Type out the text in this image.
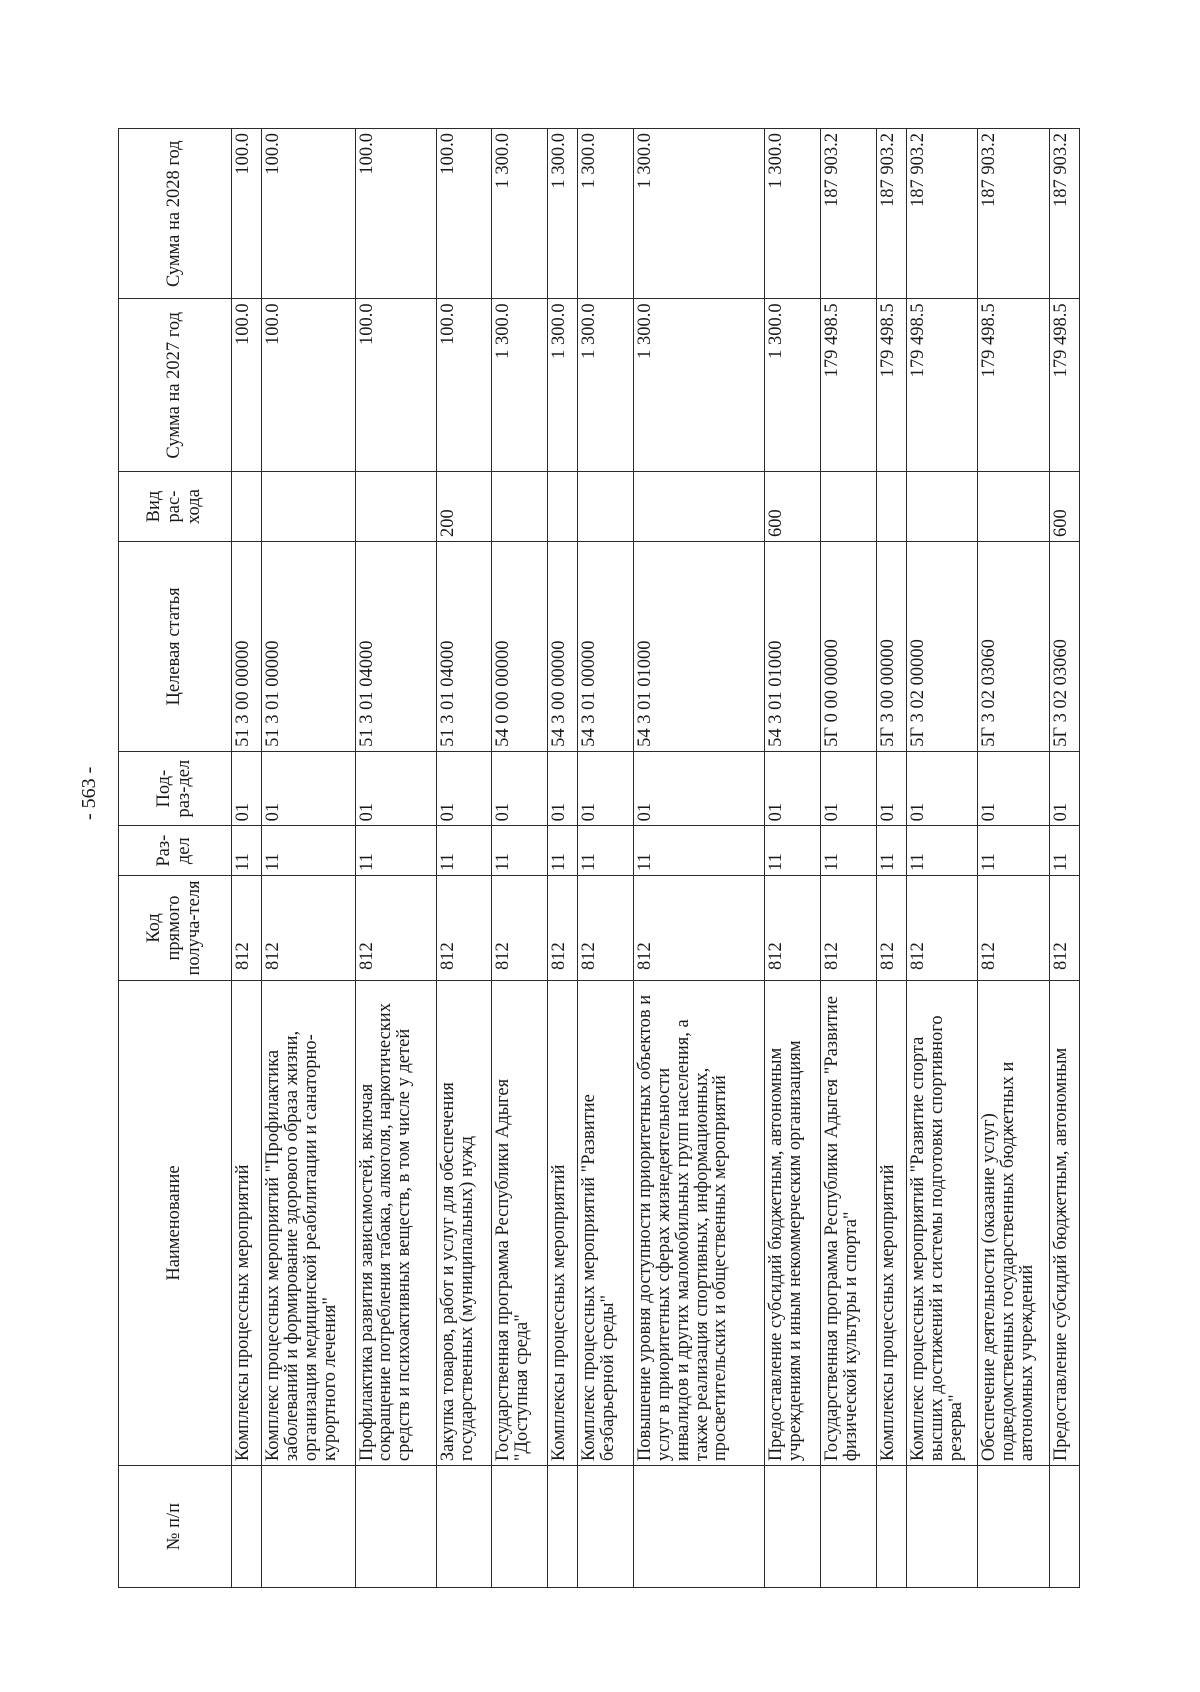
- 563 -
№ п/п	Наименование	Код прямого получа-теля	Раз-дел	Под-раз-дел	Целевая статья	Вид рас-хода	Сумма на 2027 год	Сумма на 2028 год
	Комплексы процессных мероприятий	812	11	01	51 3 00 00000		100.0	100.0
	Комплекс процессных мероприятий "Профилактика заболеваний и формирование здорового образа жизни, организация медицинской реабилитации и санаторно-курортного лечения"	812	11	01	51 3 01 00000		100.0	100.0
	Профилактика развития зависимостей, включая сокращение потребления табака, алкоголя, наркотических средств и психоактивных веществ, в том числе у детей	812	11	01	51 3 01 04000		100.0	100.0
	Закупка товаров, работ и услуг для обеспечения государственных (муниципальных) нужд	812	11	01	51 3 01 04000	200	100.0	100.0
	Государственная программа Республики Адыгея "Доступная среда"	812	11	01	54 0 00 00000		1 300.0	1 300.0
	Комплексы процессных мероприятий	812	11	01	54 3 00 00000		1 300.0	1 300.0
	Комплекс процессных мероприятий "Развитие безбарьерной среды"	812	11	01	54 3 01 00000		1 300.0	1 300.0
	Повышение уровня доступности приоритетных объектов и услуг в приоритетных сферах жизнедеятельности инвалидов и других маломобильных групп населения, а также реализация спортивных, информационных, просветительских и общественных мероприятий	812	11	01	54 3 01 01000		1 300.0	1 300.0
	Предоставление субсидий бюджетным, автономным учреждениям и иным некоммерческим организациям	812	11	01	54 3 01 01000	600	1 300.0	1 300.0
	Государственная программа Республики Адыгея "Развитие физической культуры и спорта"	812	11	01	5Г 0 00 00000		179 498.5	187 903.2
	Комплексы процессных мероприятий	812	11	01	5Г 3 00 00000		179 498.5	187 903.2
	Комплекс процессных мероприятий "Развитие спорта высших достижений и системы подготовки спортивного резерва"	812	11	01	5Г 3 02 00000		179 498.5	187 903.2
	Обеспечение деятельности (оказание услуг) подведомственных государственных бюджетных и автономных учреждений	812	11	01	5Г 3 02 03060		179 498.5	187 903.2
	Предоставление субсидий бюджетным, автономным	812	11	01	5Г 3 02 03060	600	179 498.5	187 903.2
